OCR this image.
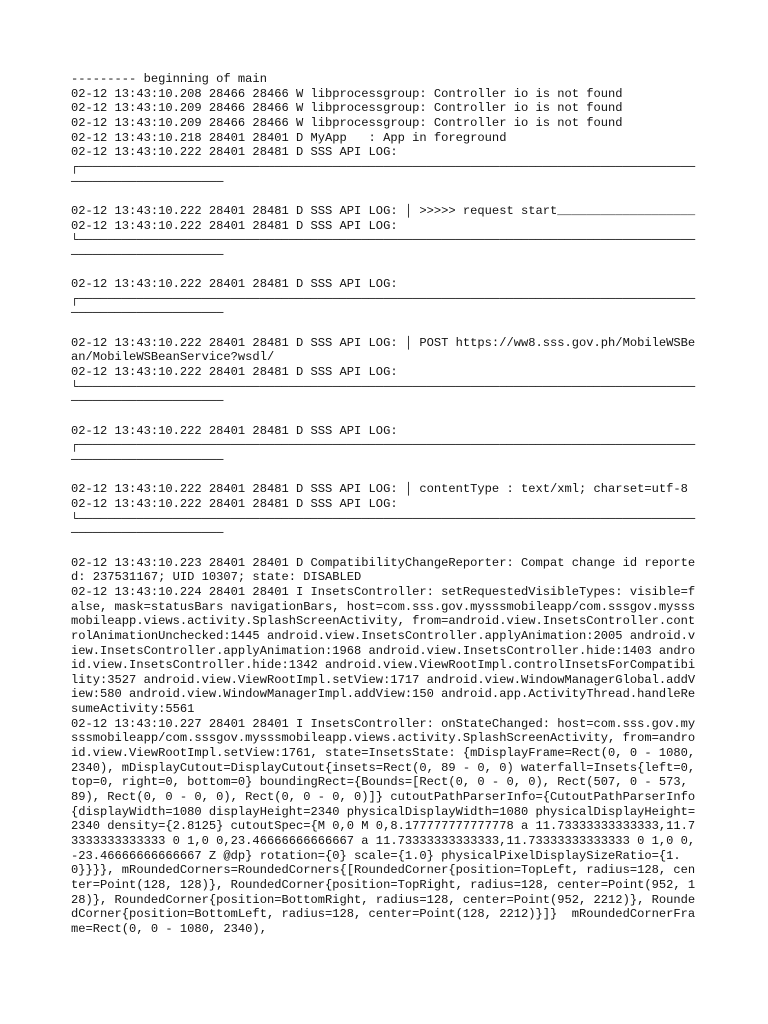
--------- beginning of main
02-12 13:43:10.208 28466 28466 W libprocessgroup: Controller io is not found
02-12 13:43:10.209 28466 28466 W libprocessgroup: Controller io is not found
02-12 13:43:10.209 28466 28466 W libprocessgroup: Controller io is not found
02-12 13:43:10.218 28401 28401 D MyApp   : App in foreground
02-12 13:43:10.222 28401 28481 D SSS API LOG:
┌──────────────────────────────────────────────────────────────────────────────────────────────────────────
02-12 13:43:10.222 28401 28481 D SSS API LOG: │ >>>>> request start___________________
02-12 13:43:10.222 28401 28481 D SSS API LOG:
└──────────────────────────────────────────────────────────────────────────────────────────────────────────
02-12 13:43:10.222 28401 28481 D SSS API LOG:
┌──────────────────────────────────────────────────────────────────────────────────────────────────────────
02-12 13:43:10.222 28401 28481 D SSS API LOG: │ POST https://ww8.sss.gov.ph/MobileWSBean/MobileWSBeanService?wsdl/
02-12 13:43:10.222 28401 28481 D SSS API LOG:
└──────────────────────────────────────────────────────────────────────────────────────────────────────────
02-12 13:43:10.222 28401 28481 D SSS API LOG:
┌──────────────────────────────────────────────────────────────────────────────────────────────────────────
02-12 13:43:10.222 28401 28481 D SSS API LOG: │ contentType : text/xml; charset=utf-8
02-12 13:43:10.222 28401 28481 D SSS API LOG:
└──────────────────────────────────────────────────────────────────────────────────────────────────────────
02-12 13:43:10.223 28401 28401 D CompatibilityChangeReporter: Compat change id reported: 237531167; UID 10307; state: DISABLED
02-12 13:43:10.224 28401 28401 I InsetsController: setRequestedVisibleTypes: visible=false, mask=statusBars navigationBars, host=com.sss.gov.mysssmobileapp/com.sssgov.mysssmobileapp.views.activity.SplashScreenActivity, from=android.view.InsetsController.controlAnimationUnchecked:1445 android.view.InsetsController.applyAnimation:2005 android.view.InsetsController.applyAnimation:1968 android.view.InsetsController.hide:1403 android.view.InsetsController.hide:1342 android.view.ViewRootImpl.controlInsetsForCompatibility:3527 android.view.ViewRootImpl.setView:1717 android.view.WindowManagerGlobal.addView:580 android.view.WindowManagerImpl.addView:150 android.app.ActivityThread.handleResumeActivity:5561
02-12 13:43:10.227 28401 28401 I InsetsController: onStateChanged: host=com.sss.gov.mysssmobileapp/com.sssgov.mysssmobileapp.views.activity.SplashScreenActivity, from=android.view.ViewRootImpl.setView:1761, state=InsetsState: {mDisplayFrame=Rect(0, 0 - 1080, 2340), mDisplayCutout=DisplayCutout{insets=Rect(0, 89 - 0, 0) waterfall=Insets{left=0, top=0, right=0, bottom=0} boundingRect={Bounds=[Rect(0, 0 - 0, 0), Rect(507, 0 - 573, 89), Rect(0, 0 - 0, 0), Rect(0, 0 - 0, 0)]} cutoutPathParserInfo={CutoutPathParserInfo{displayWidth=1080 displayHeight=2340 physicalDisplayWidth=1080 physicalDisplayHeight=2340 density={2.8125} cutoutSpec={M 0,0 M 0,8.177777777777778 a 11.73333333333333,11.73333333333333 0 1,0 0,23.46666666666667 a 11.73333333333333,11.73333333333333 0 1,0 0,-23.46666666666667 Z @dp} rotation={0} scale={1.0} physicalPixelDisplaySizeRatio={1.0}}}}, mRoundedCorners=RoundedCorners{[RoundedCorner{position=TopLeft, radius=128, center=Point(128, 128)}, RoundedCorner{position=TopRight, radius=128, center=Point(952, 128)}, RoundedCorner{position=BottomRight, radius=128, center=Point(952, 2212)}, RoundedCorner{position=BottomLeft, radius=128, center=Point(128, 2212)}]}  mRoundedCornerFrame=Rect(0, 0 - 1080, 2340),
